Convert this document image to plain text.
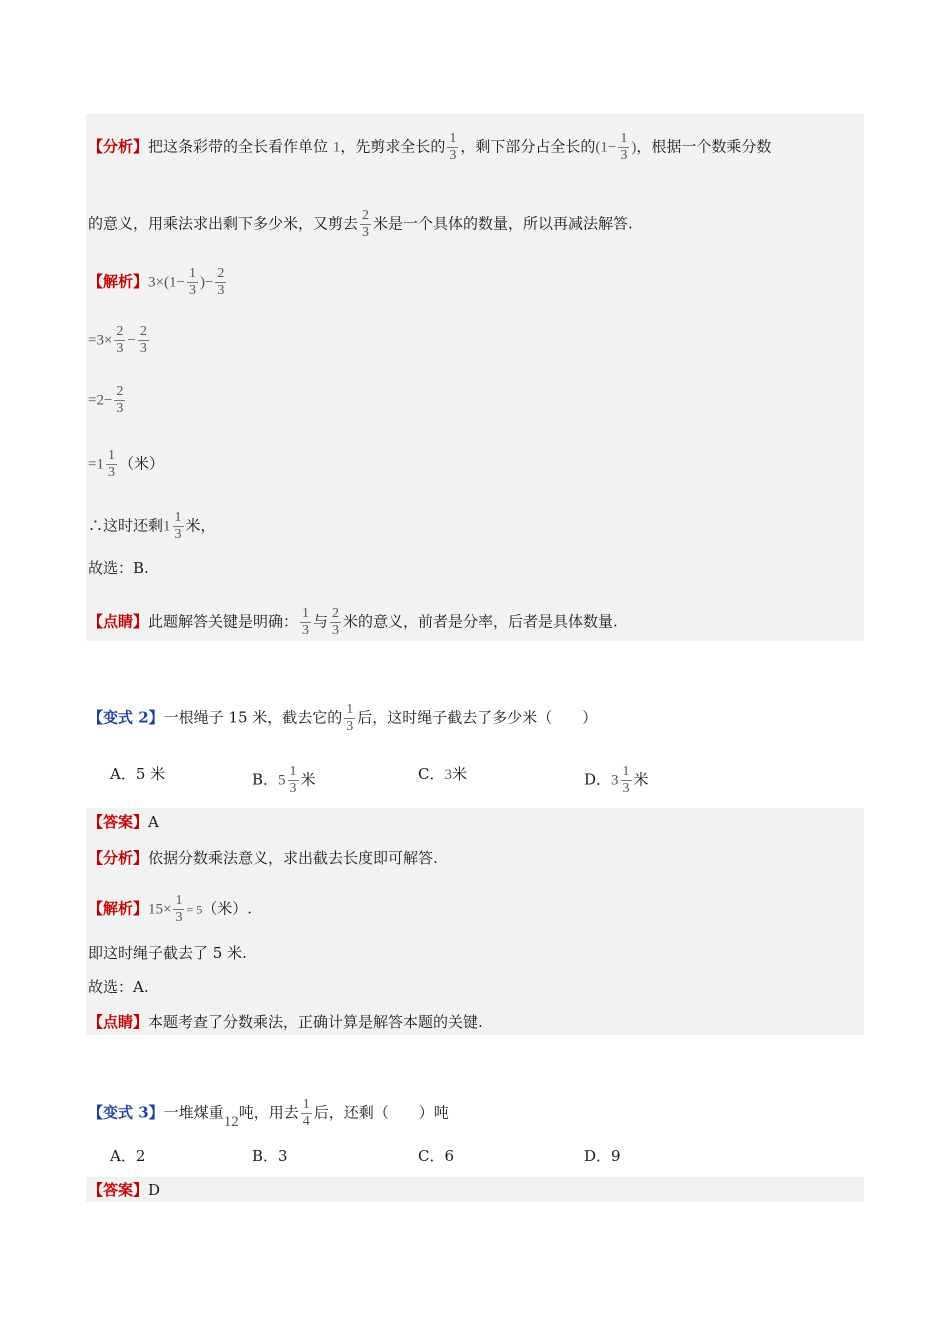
【分析】把这条彩带的全长看作单位 1，先剪求全长的 $\frac{1}{3}$ ，剩下部分占全长的($1- \frac{1}{3}$ )，根据一个数乘分数
的意义，用乘法求出剩下多少米，又剪去 $\frac{2}{3}$ 米是一个具体的数量，所以再减法解答.
【解析】$3\times(1- \frac{1}{3}$ )− $\frac{2}{3}$
$=3\times \frac{2}{3} - \frac{2}{3}$
$=2- \frac{2}{3}$
$=1 \frac{1}{3}$ （米）
∴这时还剩$1 \frac{1}{3}$ 米，
故选：B.
【点睛】此题解答关键是明确： $\frac{1}{3}$ 与 $\frac{2}{3}$ 米的意义，前者是分率，后者是具体数量.
【变式 2】一根绳子 15 米，截去它的 $\frac{1}{3}$ 后，这时绳子截去了多少米（　　）
A．5 米	B．$5 \frac{1}{3}$ 米	C．3米	D．$3 \frac{1}{3}$ 米
【答案】A
【分析】依据分数乘法意义，求出截去长度即可解答.
【解析】$15\times \frac{1}{3} = 5$（米）.
即这时绳子截去了 5 米.
故选：A.
【点睛】本题考查了分数乘法，正确计算是解答本题的关键.
【变式 3】一堆煤重12吨，用去 $\frac{1}{4}$ 后，还剩（　　）吨
A．2	B．3	C．6	D．9
【答案】D
